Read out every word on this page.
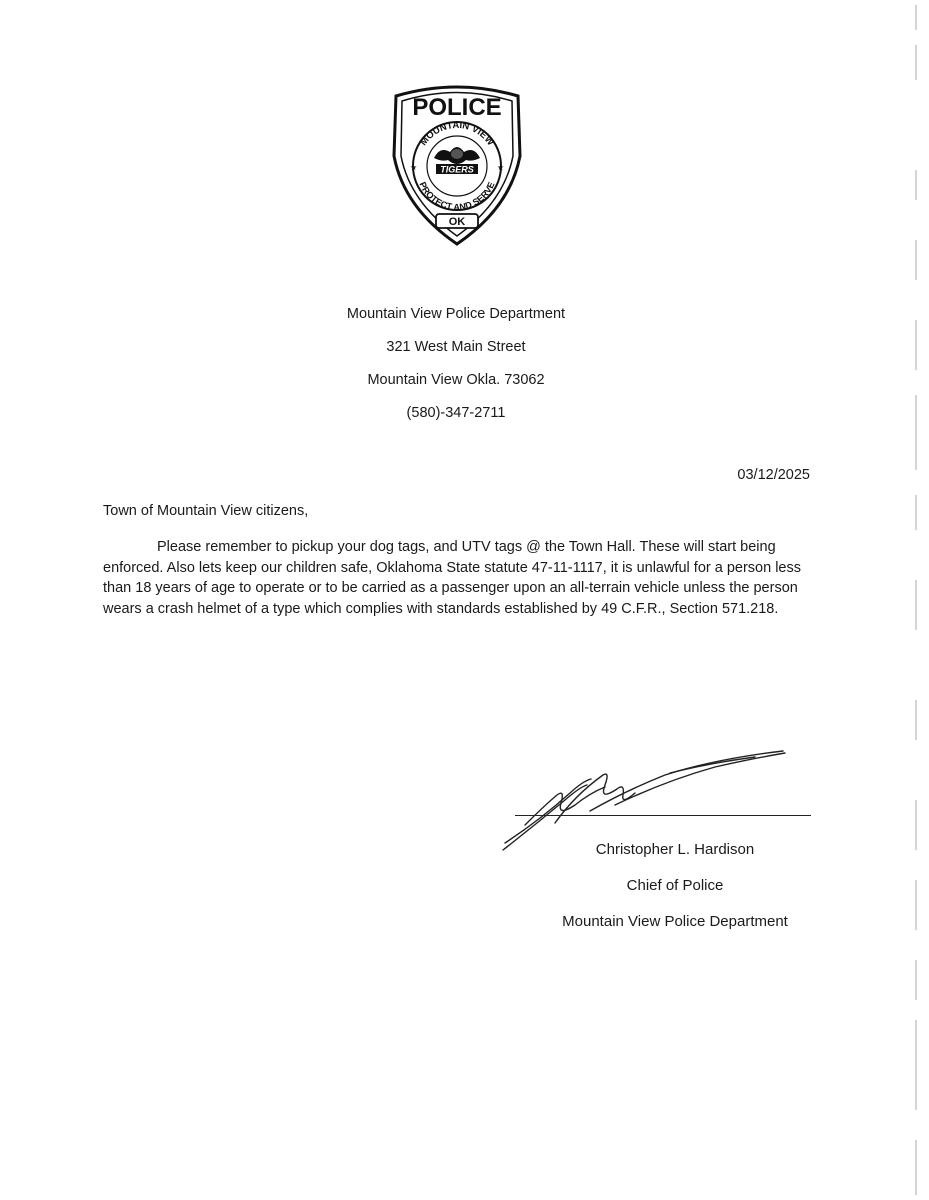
POLICE
MOUNTAIN VIEW
PROTECT AND SERVE
★	★
TIGERS
OK
Mountain View Police Department
321 West Main Street
Mountain View Okla. 73062
(580)-347-2711
03/12/2025
Town of Mountain View citizens,
Please remember to pickup your dog tags, and UTV tags @ the Town Hall. These will start being enforced. Also lets keep our children safe, Oklahoma State statute 47-11-1117, it is unlawful for a person less than 18 years of age to operate or to be carried as a passenger upon an all-terrain vehicle unless the person wears a crash helmet of a type which complies with standards established by 49 C.F.R., Section 571.218.
Christopher L. Hardison
Chief of Police
Mountain View Police Department
